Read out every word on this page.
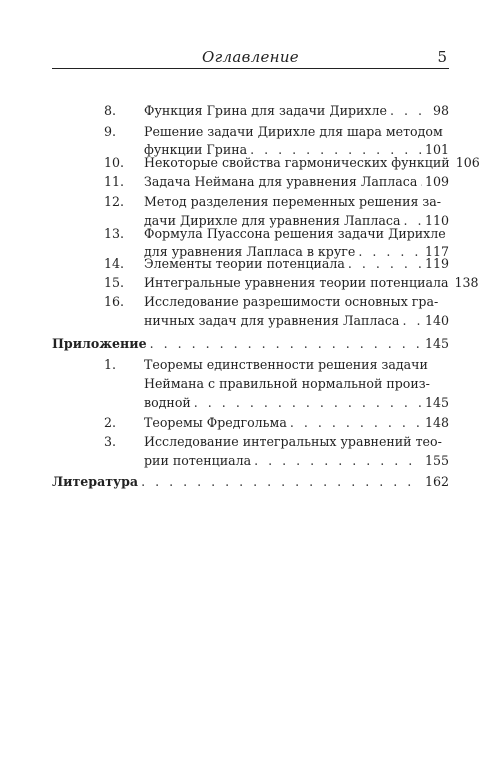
Оглавление	5
8.	Функция Грина для задачи Дирихле . . .	98
9.	Решение задачи Дирихле для шара методом
функции Грина . . .	101
10.	Некоторые свойства гармонических функций 106
11.	Задача Неймана для уравнения Лапласа . . . 109
12.	Метод разделения переменных решения за-
дачи Дирихле для уравнения Лапласа . . . 110
13.	Формула Пуассона решения задачи Дирихле
для уравнения Лапласа в круге . . .	117
14.	Элементы теории потенциала . . .	119
15.	Интегральные уравнения теории потенциала 138
16.	Исследование разрешимости основных гра-
ничных задач для уравнения Лапласа . . . 140
Приложение . . .	145
1.	Теоремы единственности решения задачи
Неймана с правильной нормальной произ-
водной . . .	145
2.	Теоремы Фредгольма . . .	148
3.	Исследование интегральных уравнений тео-
рии потенциала . . .	155
Литература . . .	162
